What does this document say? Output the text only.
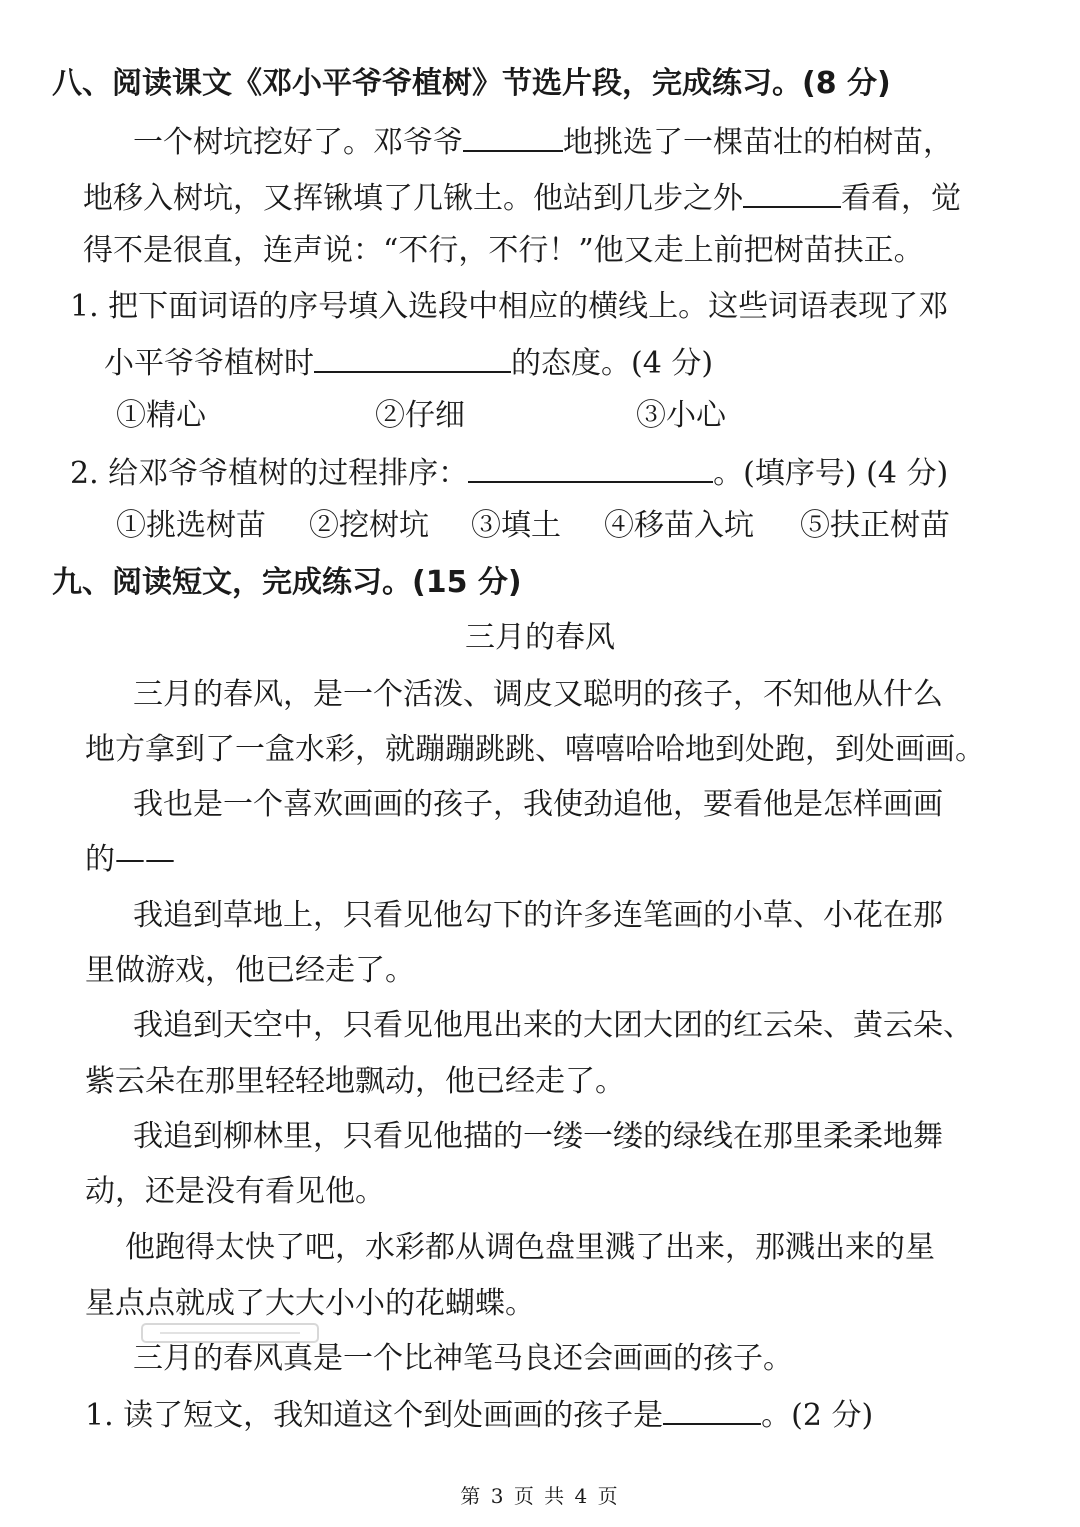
八、阅读课文《邓小平爷爷植树》节选片段，完成练习。(8 分)
一个树坑挖好了。邓爷爷	地挑选了一棵苗壮的柏树苗，
地移入树坑，又挥锹填了几锹土。他站到几步之外	看看，觉
得不是很直，连声说：“不行，不行！”他又走上前把树苗扶正。
1. 把下面词语的序号填入选段中相应的横线上。这些词语表现了邓
小平爷爷植树时	的态度。(4 分)
①精心	②仔细	③小心
2. 给邓爷爷植树的过程排序：	。(填序号) (4 分)
①挑选树苗 ②挖树坑 ③填土 ④移苗入坑 ⑤扶正树苗
九、阅读短文，完成练习。(15 分)
三月的春风
三月的春风，是一个活泼、调皮又聪明的孩子，不知他从什么
地方拿到了一盒水彩，就蹦蹦跳跳、嘻嘻哈哈地到处跑，到处画画。
我也是一个喜欢画画的孩子，我使劲追他，要看他是怎样画画
的——
我追到草地上，只看见他勾下的许多连笔画的小草、小花在那
里做游戏，他已经走了。
我追到天空中，只看见他甩出来的大团大团的红云朵、黄云朵、
紫云朵在那里轻轻地飘动，他已经走了。
我追到柳林里，只看见他描的一缕一缕的绿线在那里柔柔地舞
动，还是没有看见他。
他跑得太快了吧，水彩都从调色盘里溅了出来，那溅出来的星
星点点就成了大大小小的花蝴蝶。
三月的春风真是一个比神笔马良还会画画的孩子。
1. 读了短文，我知道这个到处画画的孩子是	。(2 分)
第 3 页 共 4 页
